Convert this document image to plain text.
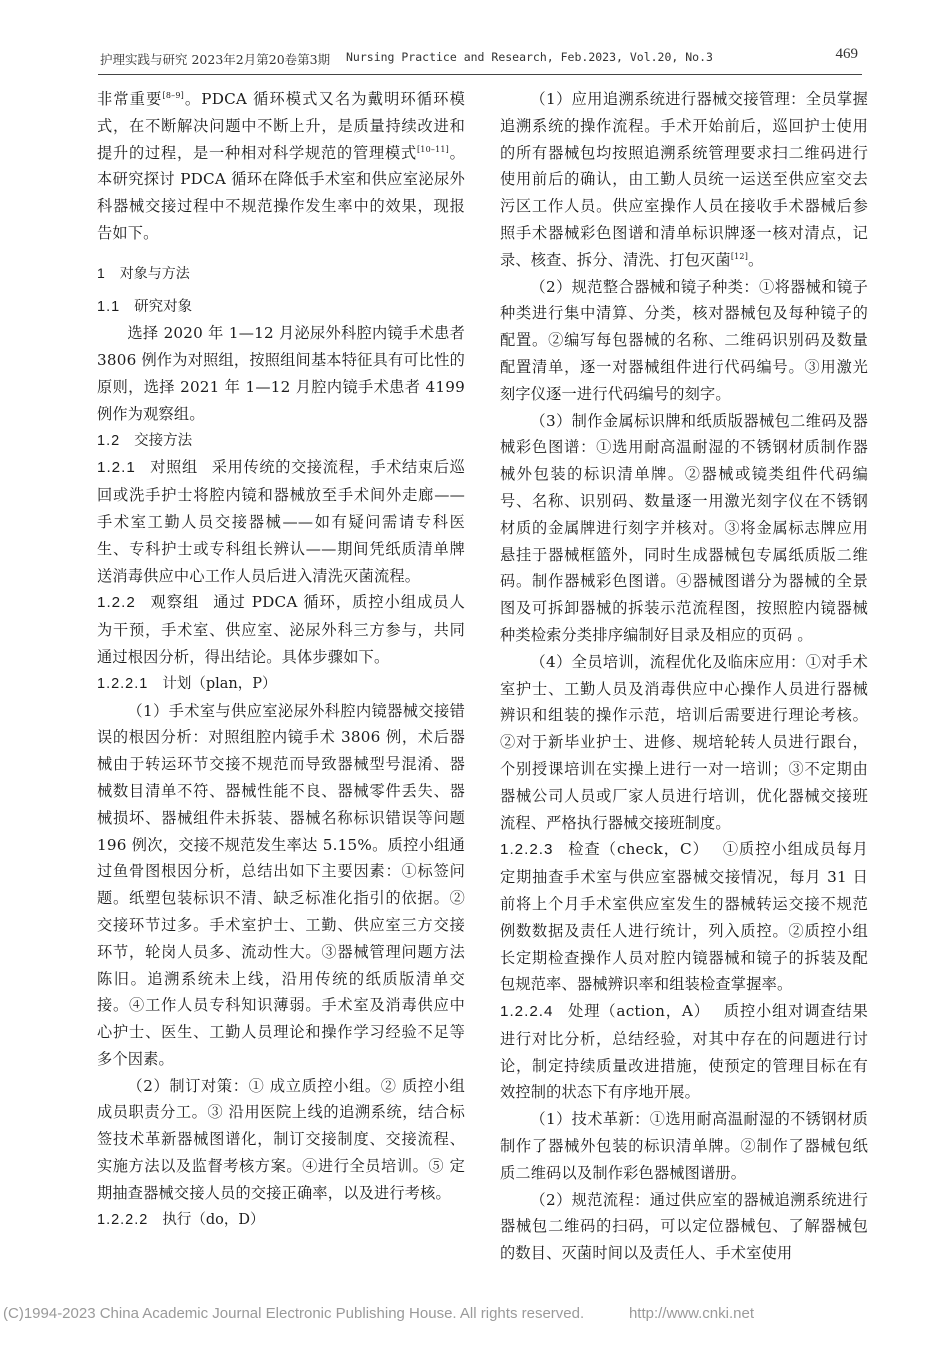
护理实践与研究 2023年2月第20卷第3期 Nursing Practice and Research, Feb.2023, Vol.20, No.3	469

非常重要[8–9]。PDCA 循环模式又名为戴明环循环模式，在不断解决问题中不断上升，是质量持续改进和提升的过程，是一种相对科学规范的管理模式[10–11]。本研究探讨 PDCA 循环在降低手术室和供应室泌尿外科器械交接过程中不规范操作发生率中的效果，现报告如下。

1 对象与方法
1.1 研究对象

选择 2020 年 1—12 月泌尿外科腔内镜手术患者 3806 例作为对照组，按照组间基本特征具有可比性的原则，选择 2021 年 1—12 月腔内镜手术患者 4199 例作为观察组。

1.2 交接方法

1.2.1 对照组 采用传统的交接流程，手术结束后巡回或洗手护士将腔内镜和器械放至手术间外走廊——手术室工勤人员交接器械——如有疑问需请专科医生、专科护士或专科组长辨认——期间凭纸质清单牌送消毒供应中心工作人员后进入清洗灭菌流程。

1.2.2 观察组 通过 PDCA 循环，质控小组成员人为干预，手术室、供应室、泌尿外科三方参与，共同通过根因分析，得出结论。具体步骤如下。

1.2.2.1 计划（plan，P）

（1）手术室与供应室泌尿外科腔内镜器械交接错误的根因分析：对照组腔内镜手术 3806 例，术后器械由于转运环节交接不规范而导致器械型号混淆、器械数目清单不符、器械性能不良、器械零件丢失、器械损坏、器械组件未拆装、器械名称标识错误等问题 196 例次，交接不规范发生率达 5.15%。质控小组通过鱼骨图根因分析，总结出如下主要因素：①标签问题。纸塑包装标识不清、缺乏标准化指引的依据。②交接环节过多。手术室护士、工勤、供应室三方交接环节，轮岗人员多、流动性大。③器械管理问题方法陈旧。追溯系统未上线，沿用传统的纸质版清单交接。④工作人员专科知识薄弱。手术室及消毒供应中心护士、医生、工勤人员理论和操作学习经验不足等多个因素。

（2）制订对策：① 成立质控小组。② 质控小组成员职责分工。③ 沿用医院上线的追溯系统，结合标签技术革新器械图谱化，制订交接制度、交接流程、实施方法以及监督考核方案。④进行全员培训。⑤ 定期抽查器械交接人员的交接正确率，以及进行考核。

1.2.2.2 执行（do，D）

（1）应用追溯系统进行器械交接管理：全员掌握追溯系统的操作流程。手术开始前后，巡回护士使用的所有器械包均按照追溯系统管理要求扫二维码进行使用前后的确认，由工勤人员统一运送至供应室交去污区工作人员。供应室操作人员在接收手术器械后参照手术器械彩色图谱和清单标识牌逐一核对清点，记录、核查、拆分、清洗、打包灭菌[12]。

（2）规范整合器械和镜子种类：①将器械和镜子种类进行集中清算、分类，核对器械包及每种镜子的配置。②编写每包器械的名称、二维码识别码及数量配置清单，逐一对器械组件进行代码编号。③用激光刻字仪逐一进行代码编号的刻字。

（3）制作金属标识牌和纸质版器械包二维码及器械彩色图谱：①选用耐高温耐湿的不锈钢材质制作器械外包装的标识清单牌。②器械或镜类组件代码编号、名称、识别码、数量逐一用激光刻字仪在不锈钢材质的金属牌进行刻字并核对。③将金属标志牌应用悬挂于器械框篮外，同时生成器械包专属纸质版二维码。制作器械彩色图谱。④器械图谱分为器械的全景图及可拆卸器械的拆装示范流程图，按照腔内镜器械种类检索分类排序编制好目录及相应的页码 。

（4）全员培训，流程优化及临床应用：①对手术室护士、工勤人员及消毒供应中心操作人员进行器械辨识和组装的操作示范，培训后需要进行理论考核。②对于新毕业护士、进修、规培轮转人员进行跟台，个别授课培训在实操上进行一对一培训；③不定期由器械公司人员或厂家人员进行培训，优化器械交接班流程、严格执行器械交接班制度。

1.2.2.3 检查（check，C） ①质控小组成员每月定期抽查手术室与供应室器械交接情况，每月 31 日前将上个月手术室供应室发生的器械转运交接不规范例数数据及责任人进行统计，列入质控。②质控小组长定期检查操作人员对腔内镜器械和镜子的拆装及配包规范率、器械辨识率和组装检查掌握率。

1.2.2.4 处理（action，A） 质控小组对调查结果进行对比分析，总结经验，对其中存在的问题进行讨论，制定持续质量改进措施，使预定的管理目标在有效控制的状态下有序地开展。

（1）技术革新：①选用耐高温耐湿的不锈钢材质制作了器械外包装的标识清单牌。②制作了器械包纸质二维码以及制作彩色器械图谱册。

（2）规范流程：通过供应室的器械追溯系统进行器械包二维码的扫码，可以定位器械包、了解器械包的数目、灭菌时间以及责任人、手术室使用

(C)1994-2023 China Academic Journal Electronic Publishing House. All rights reserved.	http://www.cnki.net
